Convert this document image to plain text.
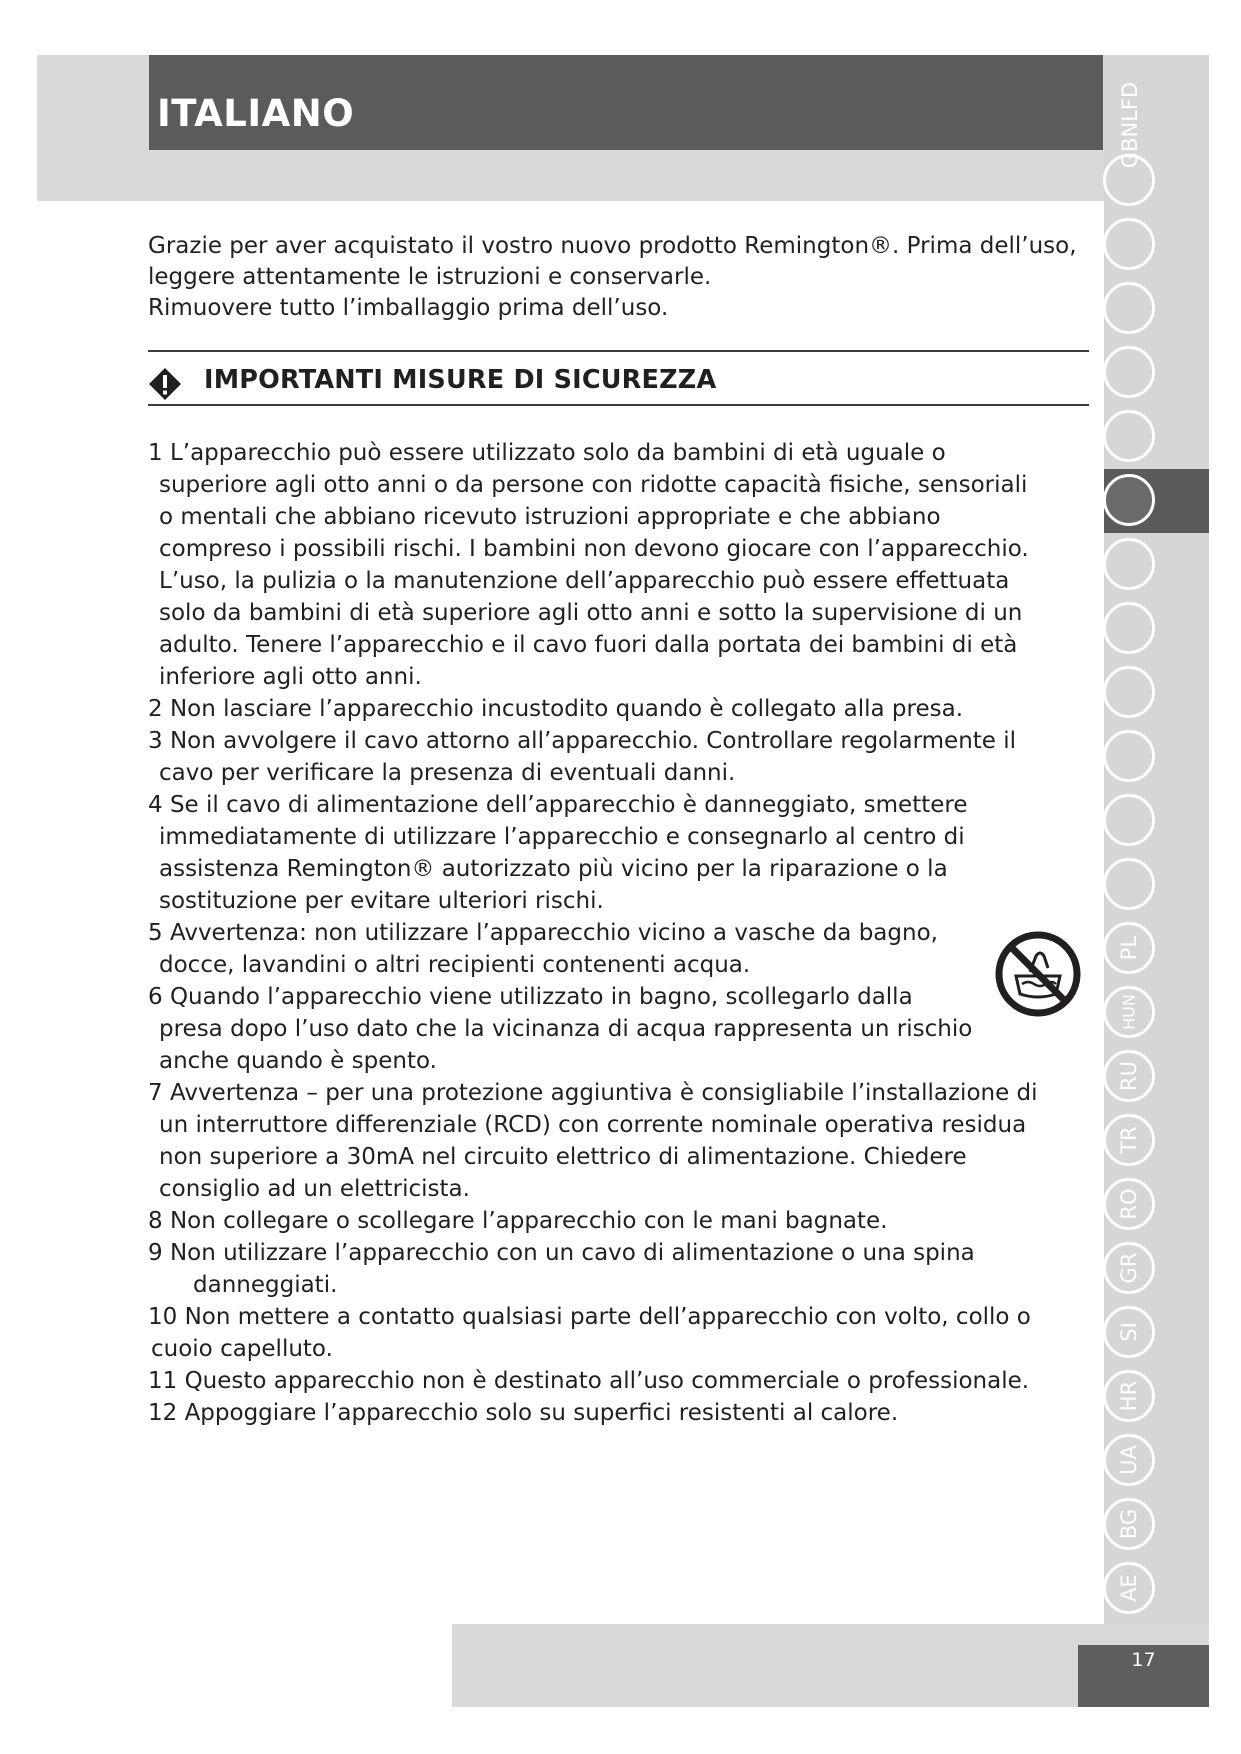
ITALIANO
GBNLFD
PL
HUN
RU
TR
RO
GR
SI
HR
UA
BG
AE
Grazie per aver acquistato il vostro nuovo prodotto Remington®. Prima dell’uso,
leggere attentamente le istruzioni e conservarle.
Rimuovere tutto l’imballaggio prima dell’uso.
IMPORTANTI MISURE DI SICUREZZA
1 L’apparecchio può essere utilizzato solo da bambini di età uguale o
superiore agli otto anni o da persone con ridotte capacità fisiche, sensoriali
o mentali che abbiano ricevuto istruzioni appropriate e che abbiano
compreso i possibili rischi. I bambini non devono giocare con l’apparecchio.
L’uso, la pulizia o la manutenzione dell’apparecchio può essere effettuata
solo da bambini di età superiore agli otto anni e sotto la supervisione di un
adulto. Tenere l’apparecchio e il cavo fuori dalla portata dei bambini di età
inferiore agli otto anni.
2 Non lasciare l’apparecchio incustodito quando è collegato alla presa.
3 Non avvolgere il cavo attorno all’apparecchio. Controllare regolarmente il
cavo per verificare la presenza di eventuali danni.
4 Se il cavo di alimentazione dell’apparecchio è danneggiato, smettere
immediatamente di utilizzare l’apparecchio e consegnarlo al centro di
assistenza Remington® autorizzato più vicino per la riparazione o la
sostituzione per evitare ulteriori rischi.
5 Avvertenza: non utilizzare l’apparecchio vicino a vasche da bagno,
docce, lavandini o altri recipienti contenenti acqua.
6 Quando l’apparecchio viene utilizzato in bagno, scollegarlo dalla
presa dopo l’uso dato che la vicinanza di acqua rappresenta un rischio
anche quando è spento.
7 Avvertenza – per una protezione aggiuntiva è consigliabile l’installazione di
un interruttore differenziale (RCD) con corrente nominale operativa residua
non superiore a 30mA nel circuito elettrico di alimentazione. Chiedere
consiglio ad un elettricista.
8 Non collegare o scollegare l’apparecchio con le mani bagnate.
9 Non utilizzare l’apparecchio con un cavo di alimentazione o una spina
danneggiati.
10 Non mettere a contatto qualsiasi parte dell’apparecchio con volto, collo o
cuoio capelluto.
11 Questo apparecchio non è destinato all’uso commerciale o professionale.
12 Appoggiare l’apparecchio solo su superfici resistenti al calore.
17
